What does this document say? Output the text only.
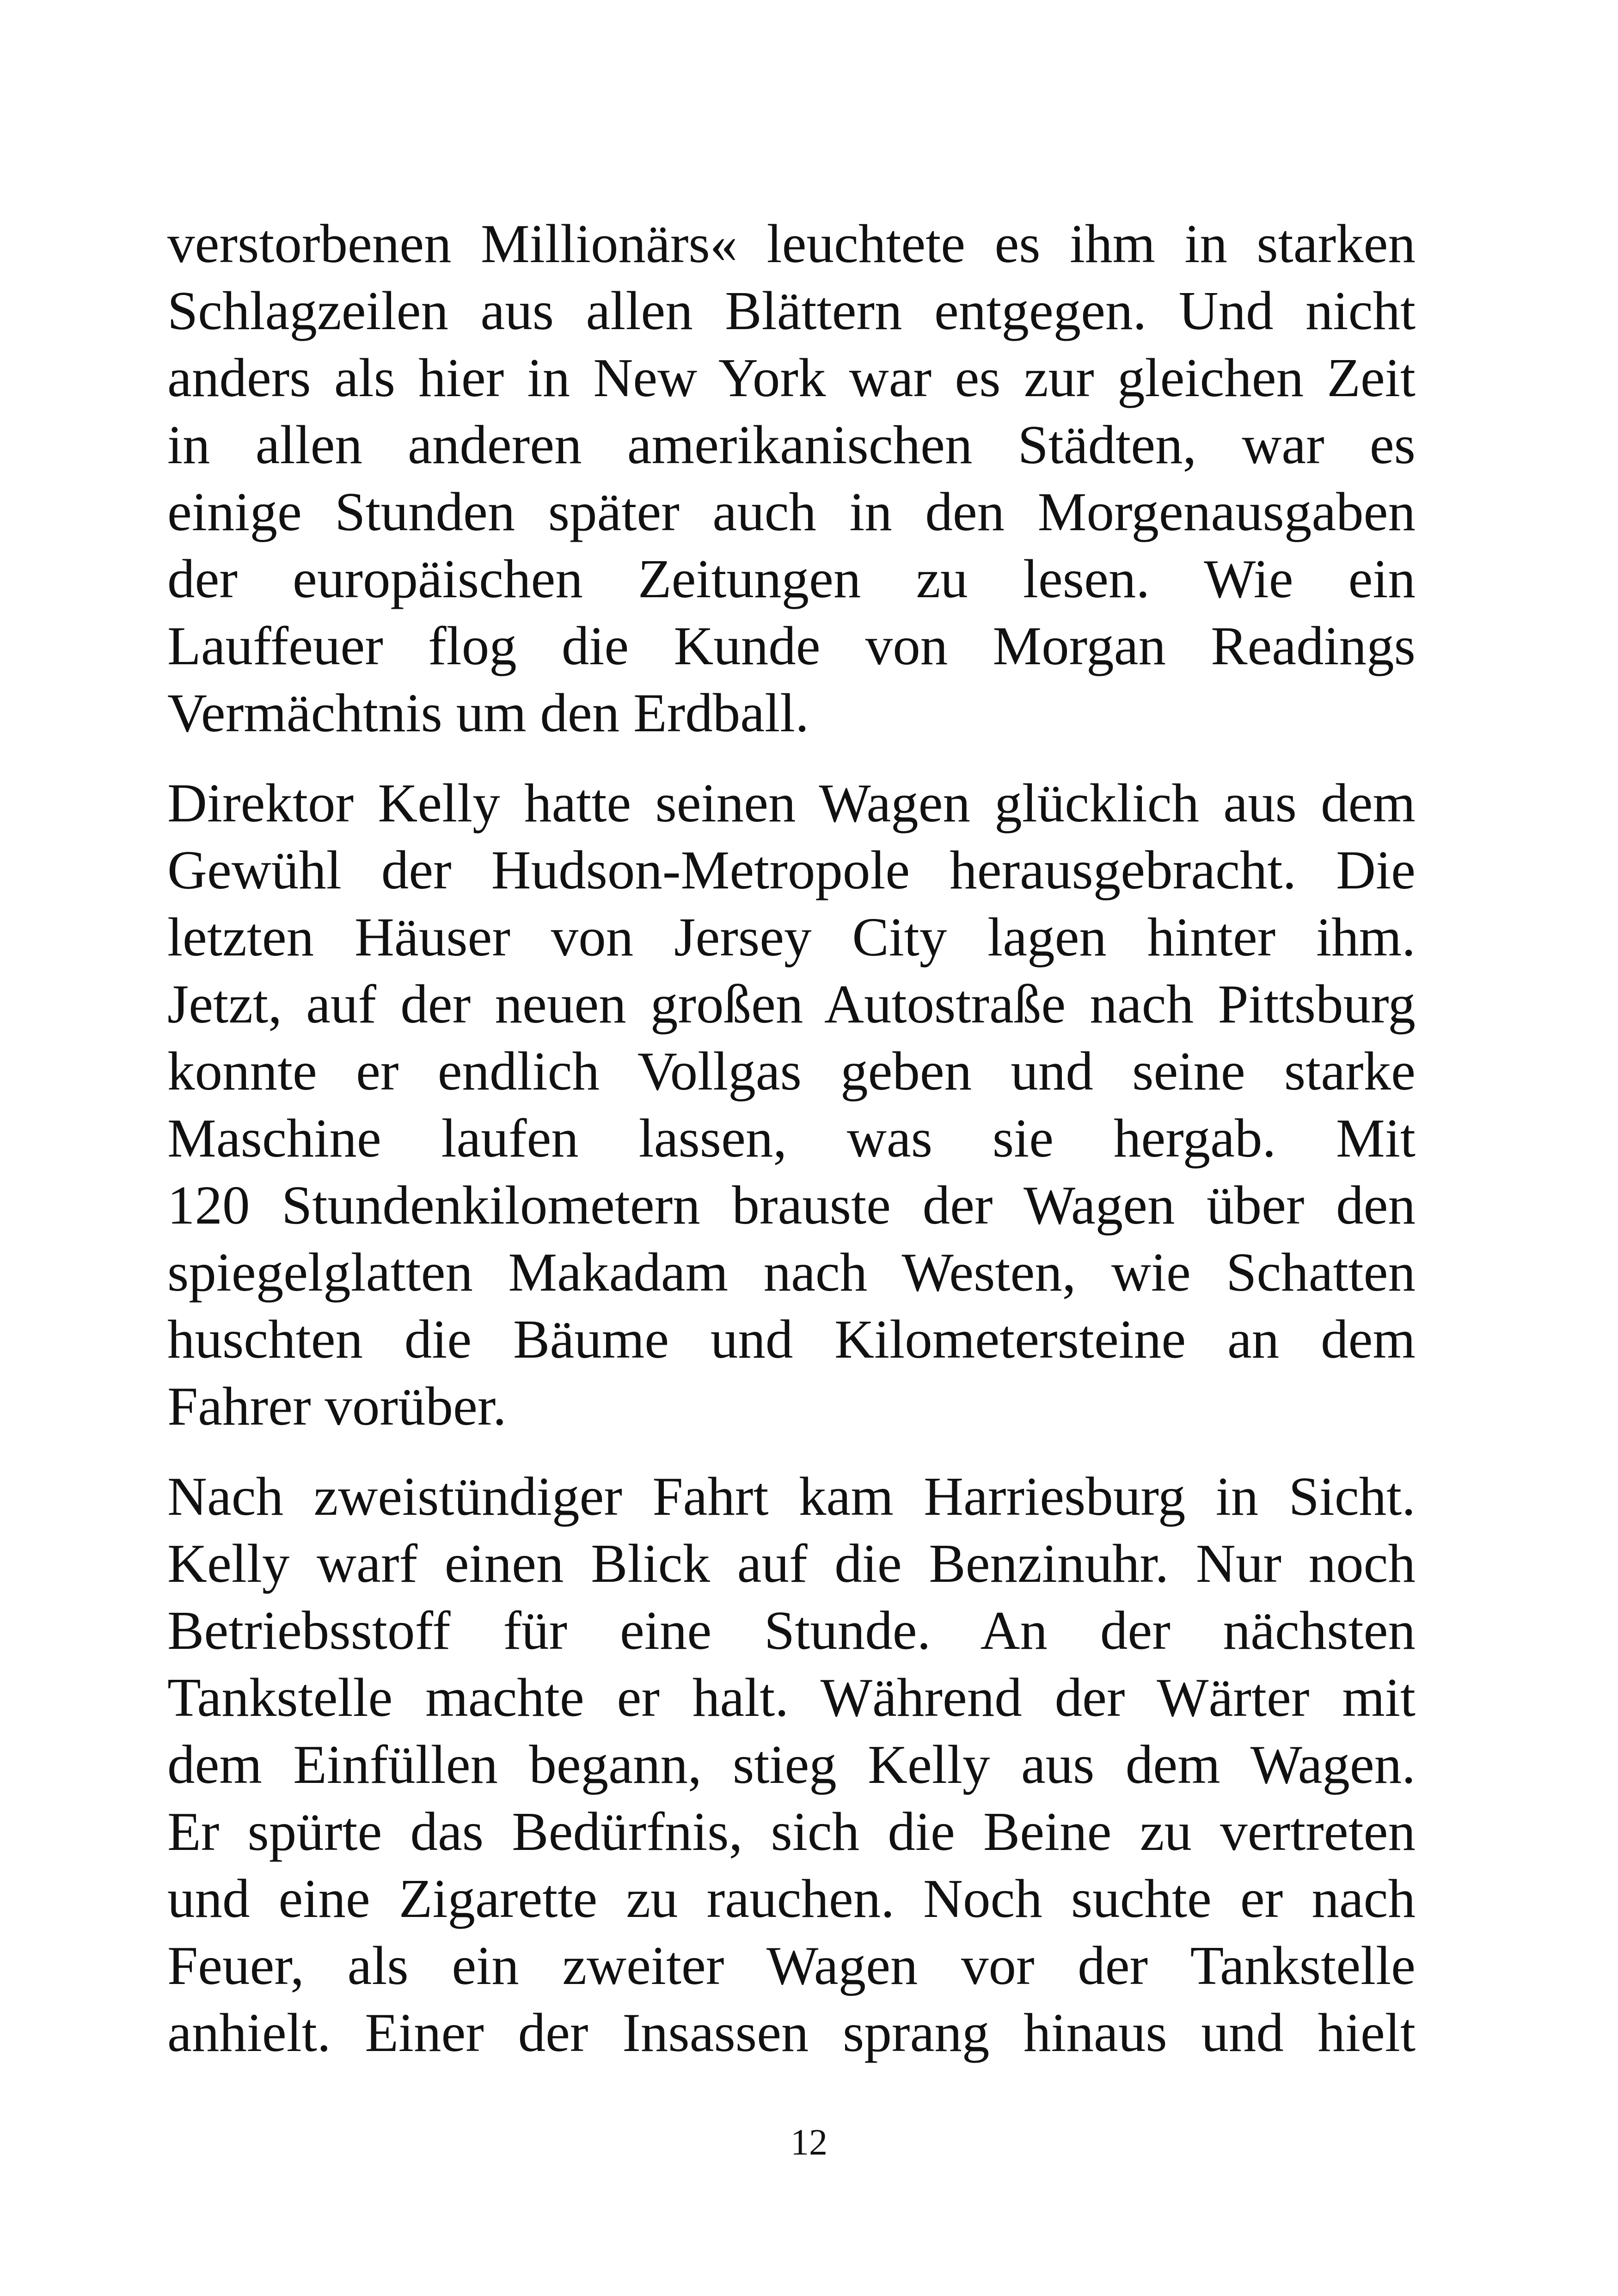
verstorbenen Millionärs« leuchtete es ihm in starken
Schlagzeilen aus allen Blättern entgegen. Und nicht
anders als hier in New York war es zur gleichen Zeit
in allen anderen amerikanischen Städten, war es
einige Stunden später auch in den Morgenausgaben
der europäischen Zeitungen zu lesen. Wie ein
Lauffeuer flog die Kunde von Morgan Readings
Vermächtnis um den Erdball.
Direktor Kelly hatte seinen Wagen glücklich aus dem
Gewühl der Hudson-Metropole herausgebracht. Die
letzten Häuser von Jersey City lagen hinter ihm.
Jetzt, auf der neuen großen Autostraße nach Pittsburg
konnte er endlich Vollgas geben und seine starke
Maschine laufen lassen, was sie hergab. Mit
120 Stundenkilometern brauste der Wagen über den
spiegelglatten Makadam nach Westen, wie Schatten
huschten die Bäume und Kilometersteine an dem
Fahrer vorüber.
Nach zweistündiger Fahrt kam Harriesburg in Sicht.
Kelly warf einen Blick auf die Benzinuhr. Nur noch
Betriebsstoff für eine Stunde. An der nächsten
Tankstelle machte er halt. Während der Wärter mit
dem Einfüllen begann, stieg Kelly aus dem Wagen.
Er spürte das Bedürfnis, sich die Beine zu vertreten
und eine Zigarette zu rauchen. Noch suchte er nach
Feuer, als ein zweiter Wagen vor der Tankstelle
anhielt. Einer der Insassen sprang hinaus und hielt
12
